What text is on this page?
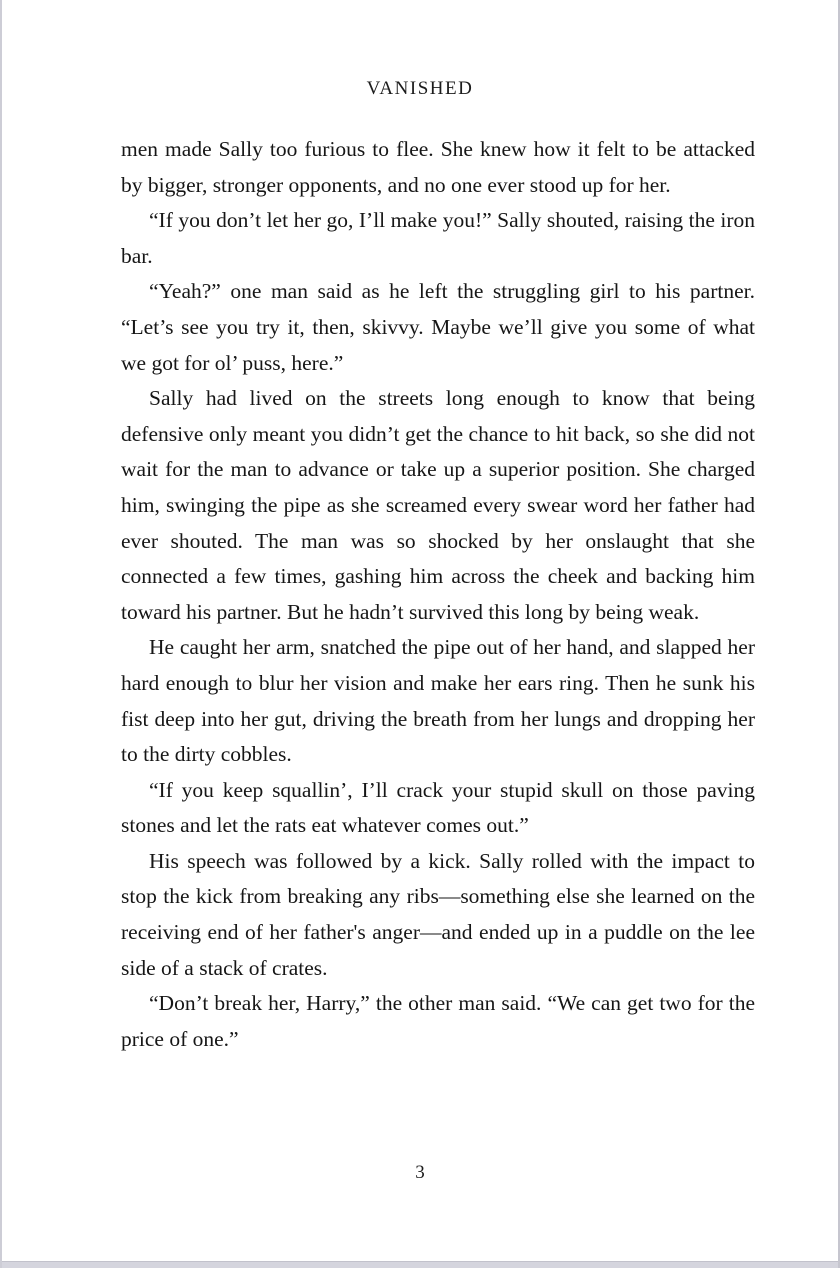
VANISHED

men made Sally too furious to flee. She knew how it felt to be attacked by bigger, stronger opponents, and no one ever stood up for her.

“If you don’t let her go, I’ll make you!” Sally shouted, raising the iron bar.

“Yeah?” one man said as he left the struggling girl to his partner. “Let’s see you try it, then, skivvy. Maybe we’ll give you some of what we got for ol’ puss, here.”

Sally had lived on the streets long enough to know that being defensive only meant you didn’t get the chance to hit back, so she did not wait for the man to advance or take up a superior position. She charged him, swinging the pipe as she screamed every swear word her father had ever shouted. The man was so shocked by her onslaught that she connected a few times, gashing him across the cheek and backing him toward his partner. But he hadn’t survived this long by being weak.

He caught her arm, snatched the pipe out of her hand, and slapped her hard enough to blur her vision and make her ears ring. Then he sunk his fist deep into her gut, driving the breath from her lungs and dropping her to the dirty cobbles.

“If you keep squallin’, I’ll crack your stupid skull on those paving stones and let the rats eat whatever comes out.”

His speech was followed by a kick. Sally rolled with the impact to stop the kick from breaking any ribs—something else she learned on the receiving end of her father's anger—and ended up in a puddle on the lee side of a stack of crates.

“Don’t break her, Harry,” the other man said. “We can get two for the price of one.”

3
